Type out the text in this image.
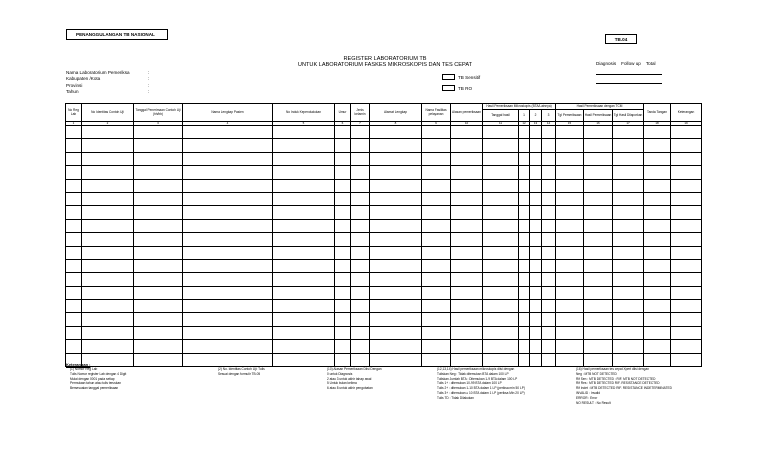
PENANGGULANGAN TB NASIONAL
TB.04
REGISTER LABORATORIUM TB
UNTUK LABORATORIUM FASKES MIKROSKOPIS DAN TES CEPAT	Diagnosis Follow up Total
Nama Laboratorium Pemeriksa	:
Kabupaten /Kota	:
Provinsi	:
Tahun	:
TB Sensitif
TB RO
No Reg Lab	No Identitas Contoh Uji	Tanggal Penerimaan Contoh Uji (hh/bb)	Nama Lengkap Pasien	No Induk Kependudukan	Umur	Jenis kelamin	Alamat Lengkap	Nama Fasilitas pelayanan	Alasan pemeriksaan	Hasil Pemeriksaan Mikroskopis (BTA/Lainnya)				Hasil Pemeriksaan dengan TCM			Tanda Tangan	Keterangan
										Tanggal hasil	1	2	3	Tgl Pemeriksaan	Hasil Pemeriksaan	Tgl Hasil Dilaporkan		
1	2	3	4	5	6	7	8	9	10	11	12	13	14	15	16	17	18	19

Keterangan :
(1) Nomor Reg Lab
Tulis Nomor register Lab dengan 4 Digit
Mulai dengan 0001 pada setiap
Permulaan tahun atau tulis teruskan
Bersesuaian tanggal pemeriksaan
(2) No. Identitas Contoh Uji: Tulis
Sesuai dengan formulir TB.05
(10) Alasan Pemeriksaan Diisi Dengan
0 untuk Diagnosis
2 atau 3 untuk akhir tahap awal
5 Untuk bulan kelima
6 atau 8 untuk akhir pengobatan
(12,13,14) Hasil pemeriksaan mikroskopis diisi dengan
Tuliskan Neg : Tidak ditemukan BTA dalam 100 LP
Tuliskan Jumlah BTA : Ditemukan 1-9 BTA dalam 100 LP
Tulis 1+ : ditemukan 10-99 BTA dalam 100 LP
Tulis 2+ : ditemukan 1-10 BTA dalam 1 LP (periksa min 50 LP)
Tulis 3+ : ditemukan ≥ 10 BTA dalam 1 LP (periksa Min 20 LP)
Tulis TD : Tidak Dilakukan
(16) Hasil pemeriksaan tes cepat Xpert diisi dengan
Neg : MTB NOT DETECTED
Rif Sen : MTB DETECTED : RIF. MTB NOT DETECTED
Rif Res : MTB DETECTED RIF. RESISTANCE DETECTED
Rif Indet : MTB DETECTED RIF. RESISTANCE INDETERMINATED
INVALID : Invalid
ERROR : Error
NO RESULT : No Result
